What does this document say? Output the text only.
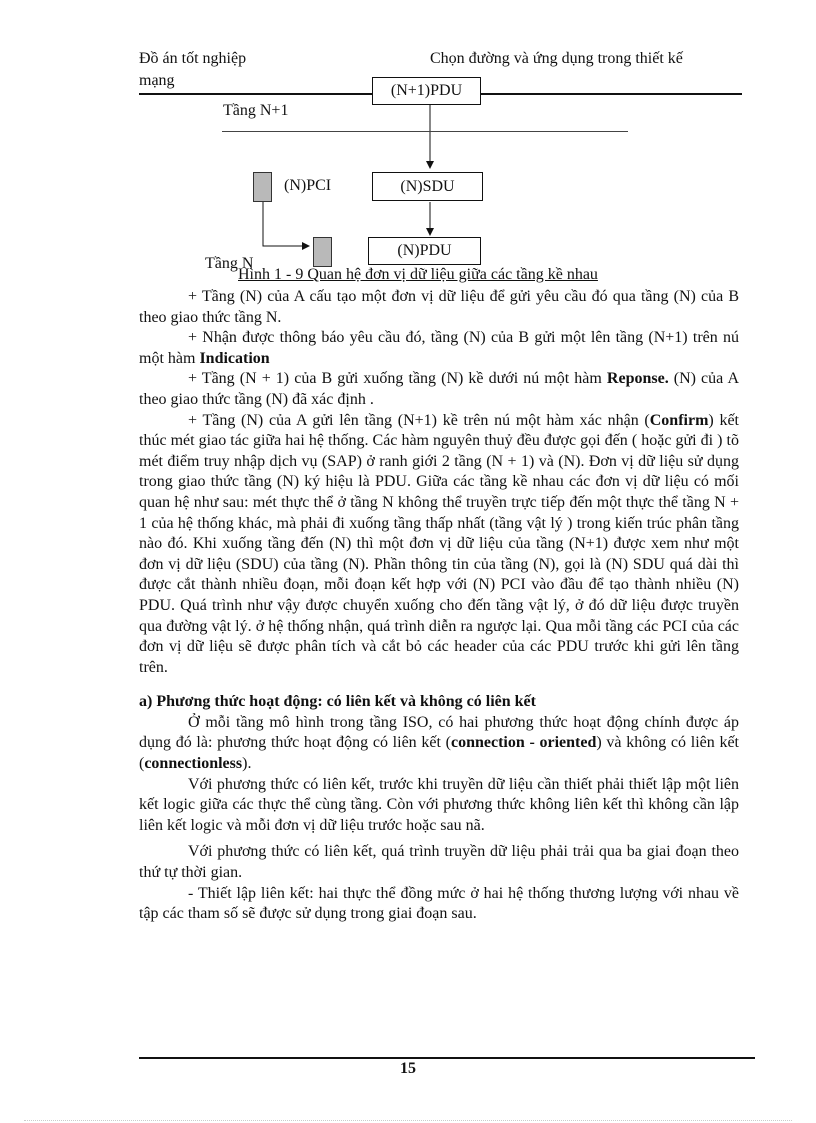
Đồ án tốt nghiệp	Chọn đường và ứng dụng trong thiết kế
mạng
(N+1)PDU
Tầng N+1
(N)PCI	(N)SDU
(N)PDU
Tầng N
Hình 1 - 9 Quan hệ đơn vị dữ liệu giữa các tầng kề nhau

+ Tầng (N) của A cấu tạo một đơn vị dữ liệu để gửi yêu cầu đó qua tầng (N) của B theo giao thức tầng N.

+ Nhận được thông báo yêu cầu đó, tầng (N) của B gửi một lên tầng (N+1) trên nú một hàm Indication

+ Tầng (N + 1) của B gửi xuống tầng (N) kề dưới nú một hàm Reponse. (N) của A theo giao thức tầng (N) đã xác định .

+ Tầng (N) của A gửi lên tầng (N+1) kề trên nú một hàm xác nhận (Confirm) kết thúc mét giao tác giữa hai hệ thống. Các hàm nguyên thuỷ đều được gọi đến ( hoặc gửi đi ) tõ mét điểm truy nhập dịch vụ (SAP) ở ranh giới 2 tầng (N + 1) và (N). Đơn vị dữ liệu sử dụng trong giao thức tầng (N) ký hiệu là PDU. Giữa các tầng kề nhau các đơn vị dữ liệu có mối quan hệ như sau: mét thực thể ở tầng N không thể truyền trực tiếp đến một thực thể tầng N + 1 của hệ thống khác, mà phải đi xuống tầng thấp nhất (tầng vật lý ) trong kiến trúc phân tầng nào đó. Khi xuống tầng đến (N) thì một đơn vị dữ liệu của tầng (N+1) được xem như một đơn vị dữ liệu (SDU) của tầng (N). Phần thông tin của tầng (N), gọi là (N) SDU quá dài thì được cắt thành nhiều đoạn, mỗi đoạn kết hợp với (N) PCI vào đầu để tạo thành nhiều (N) PDU. Quá trình như vậy được chuyển xuống cho đến tầng vật lý, ở đó dữ liệu được truyền qua đường vật lý. ở hệ thống nhận, quá trình diễn ra ngược lại. Qua mỗi tầng các PCI của các đơn vị dữ liệu sẽ được phân tích và cắt bỏ các header của các PDU trước khi gửi lên tầng trên.

a) Phương thức hoạt động: có liên kết và không có liên kết

Ở mỗi tầng mô hình trong tầng ISO, có hai phương thức hoạt động chính được áp dụng đó là: phương thức hoạt động có liên kết (connection - oriented) và không có liên kết (connectionless).

Với phương thức có liên kết, trước khi truyền dữ liệu cần thiết phải thiết lập một liên kết logic giữa các thực thể cùng tầng. Còn với phương thức không liên kết thì không cần lập liên kết logic và mỗi đơn vị dữ liệu trước hoặc sau nã.

Với phương thức có liên kết, quá trình truyền dữ liệu phải trải qua ba giai đoạn theo thứ tự thời gian.

- Thiết lập liên kết: hai thực thể đồng mức ở hai hệ thống thương lượng với nhau về tập các tham số sẽ được sử dụng trong giai đoạn sau.

15
